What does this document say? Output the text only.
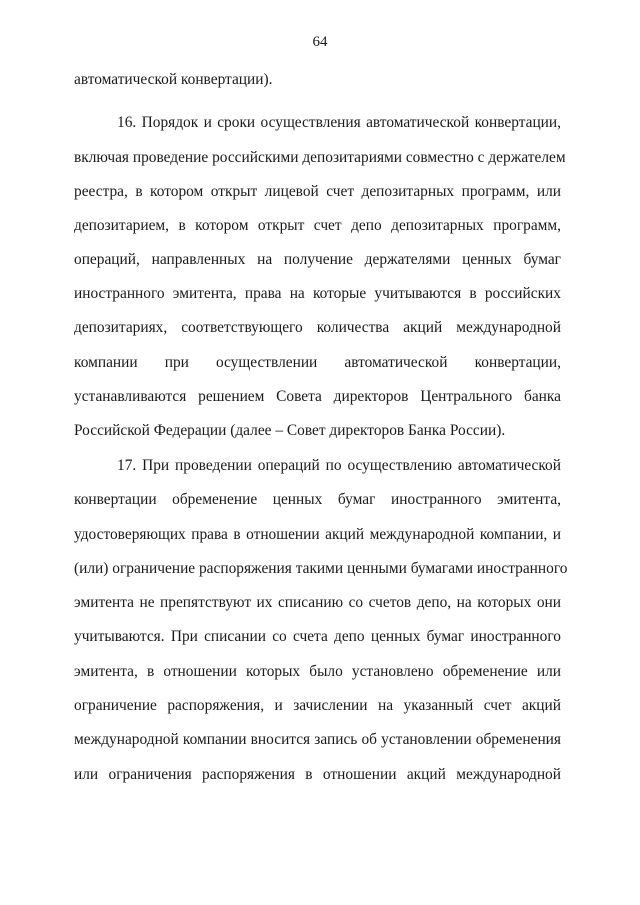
64
автоматической конвертации).
16. Порядок и сроки осуществления автоматической конвертации,
включая проведение российскими депозитариями совместно с держателем
реестра, в котором открыт лицевой счет депозитарных программ, или
депозитарием, в котором открыт счет депо депозитарных программ,
операций, направленных на получение держателями ценных бумаг
иностранного эмитента, права на которые учитываются в российских
депозитариях, соответствующего количества акций международной
компании при осуществлении автоматической конвертации,
устанавливаются решением Совета директоров Центрального банка
Российской Федерации (далее – Совет директоров Банка России).
17. При проведении операций по осуществлению автоматической
конвертации обременение ценных бумаг иностранного эмитента,
удостоверяющих права в отношении акций международной компании, и
(или) ограничение распоряжения такими ценными бумагами иностранного
эмитента не препятствуют их списанию со счетов депо, на которых они
учитываются. При списании со счета депо ценных бумаг иностранного
эмитента, в отношении которых было установлено обременение или
ограничение распоряжения, и зачислении на указанный счет акций
международной компании вносится запись об установлении обременения
или ограничения распоряжения в отношении акций международной
